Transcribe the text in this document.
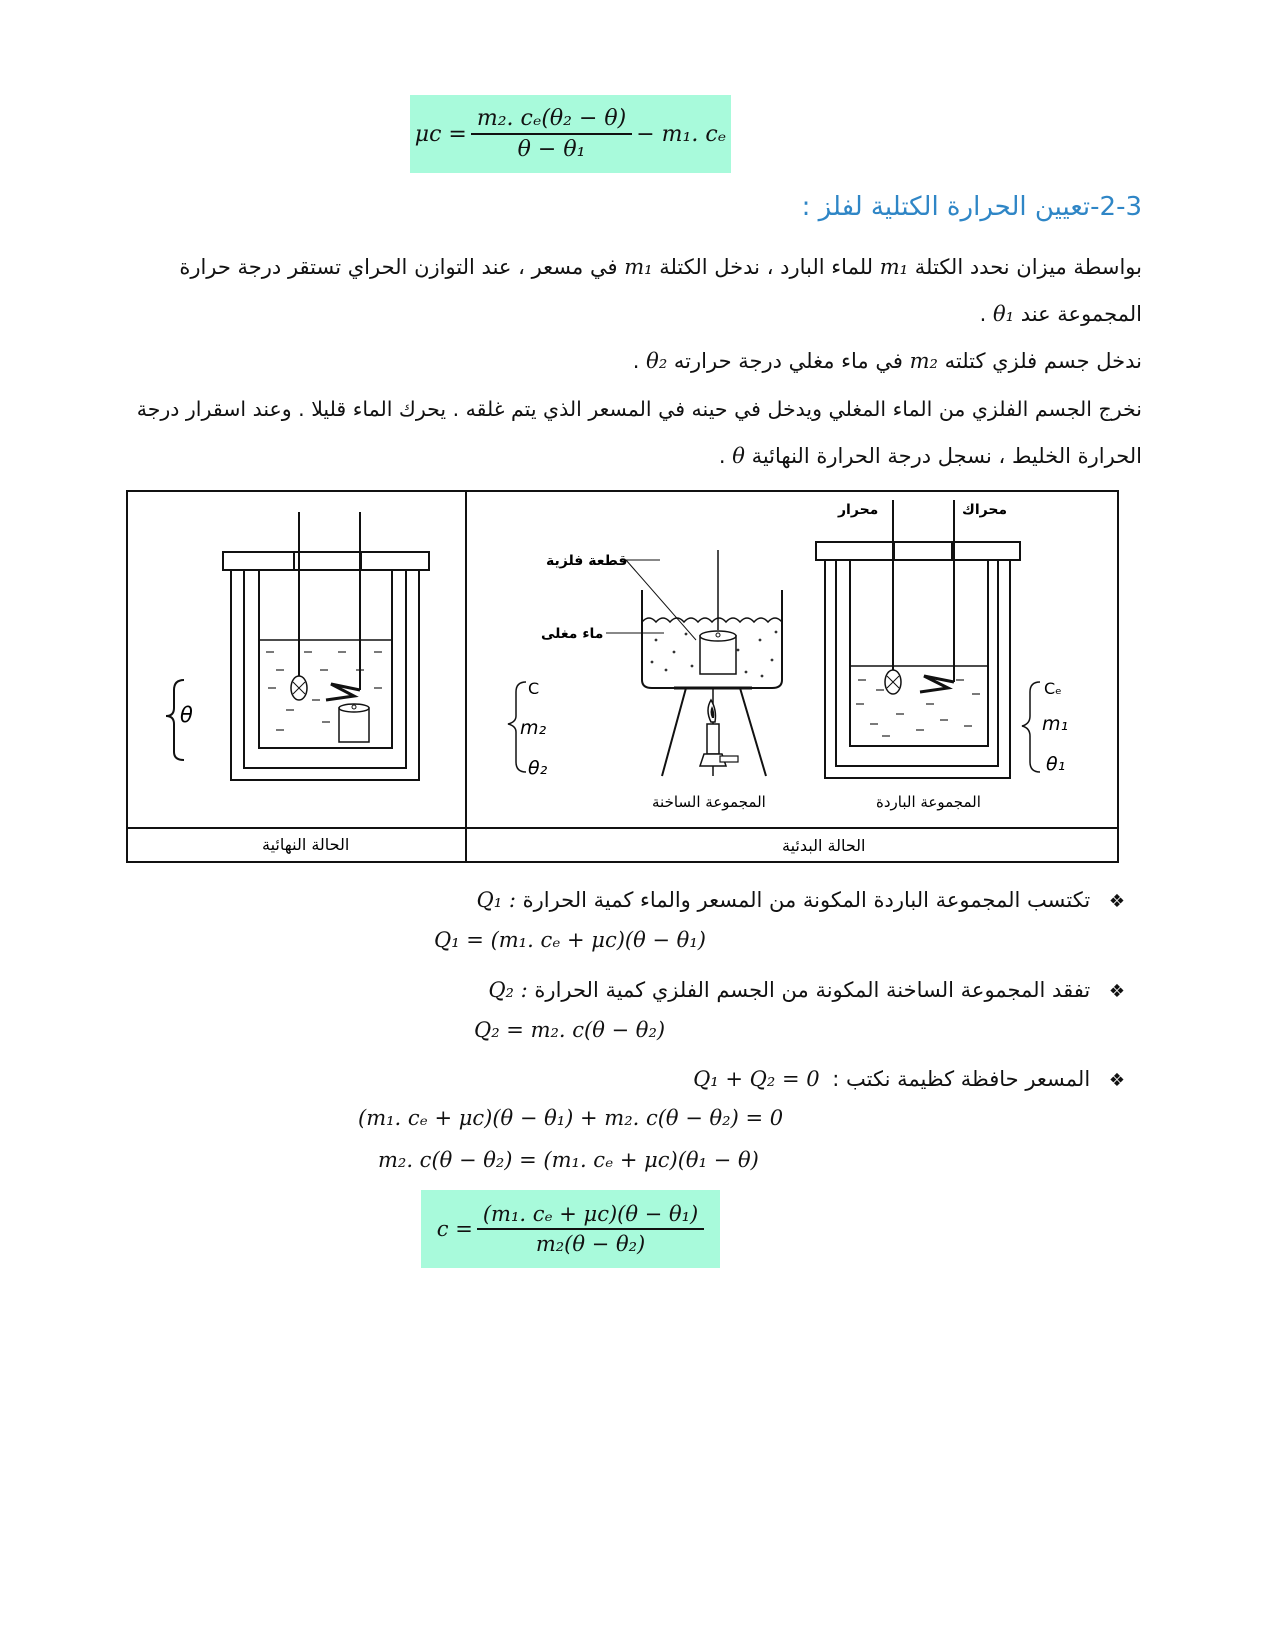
$\mu c = \frac{\text{m₂. cₑ(θ₂ − θ)}}{\text{θ − θ₁}} - m_1$. cₑ
2-3-تعيين الحرارة الكتلية لفلز :
بواسطة ميزان نحدد الكتلة m₁ للماء البارد ، ندخل الكتلة m₁ في مسعر ، عند التوازن الحراي تستقر درجة حرارة
المجموعة عند θ₁ .
ندخل جسم فلزي كتلته m₂ في ماء مغلي درجة حرارته θ₂ .
نخرج الجسم الفلزي من الماء المغلي ويدخل في حينه في المسعر الذي يتم غلقه . يحرك الماء قليلا . وعند اسقرار درجة
الحرارة الخليط ، نسجل درجة الحرارة النهائية θ .
θ
قطعة فلزية
ماء مغلى
C
m₂
θ₂
المجموعة الساخنة
محرار	محراك
Cₑ
m₁
θ₁
المجموعة الباردة
الحالة النهائية	الحالة البدئية
❖ تكتسب المجموعة الباردة المكونة من المسعر والماء كمية الحرارة Q₁ :
Q₁ = (m₁. cₑ + μc)(θ − θ₁)
❖ تفقد المجموعة الساخنة المكونة من الجسم الفلزي كمية الحرارة Q₂ :
Q₂ = m₂. c(θ − θ₂)
❖ المسعر حافظة كظيمة نكتب : Q₁ + Q₂ = 0
(m₁. cₑ + μc)(θ − θ₁) + m₂. c(θ − θ₂) = 0
m₂. c(θ − θ₂) = (m₁. cₑ + μc)(θ₁ − θ)
$c = \frac{\text{(m₁. cₑ + μc)(θ − θ₁)}}{\text{m₂(θ − θ₂)}}$
